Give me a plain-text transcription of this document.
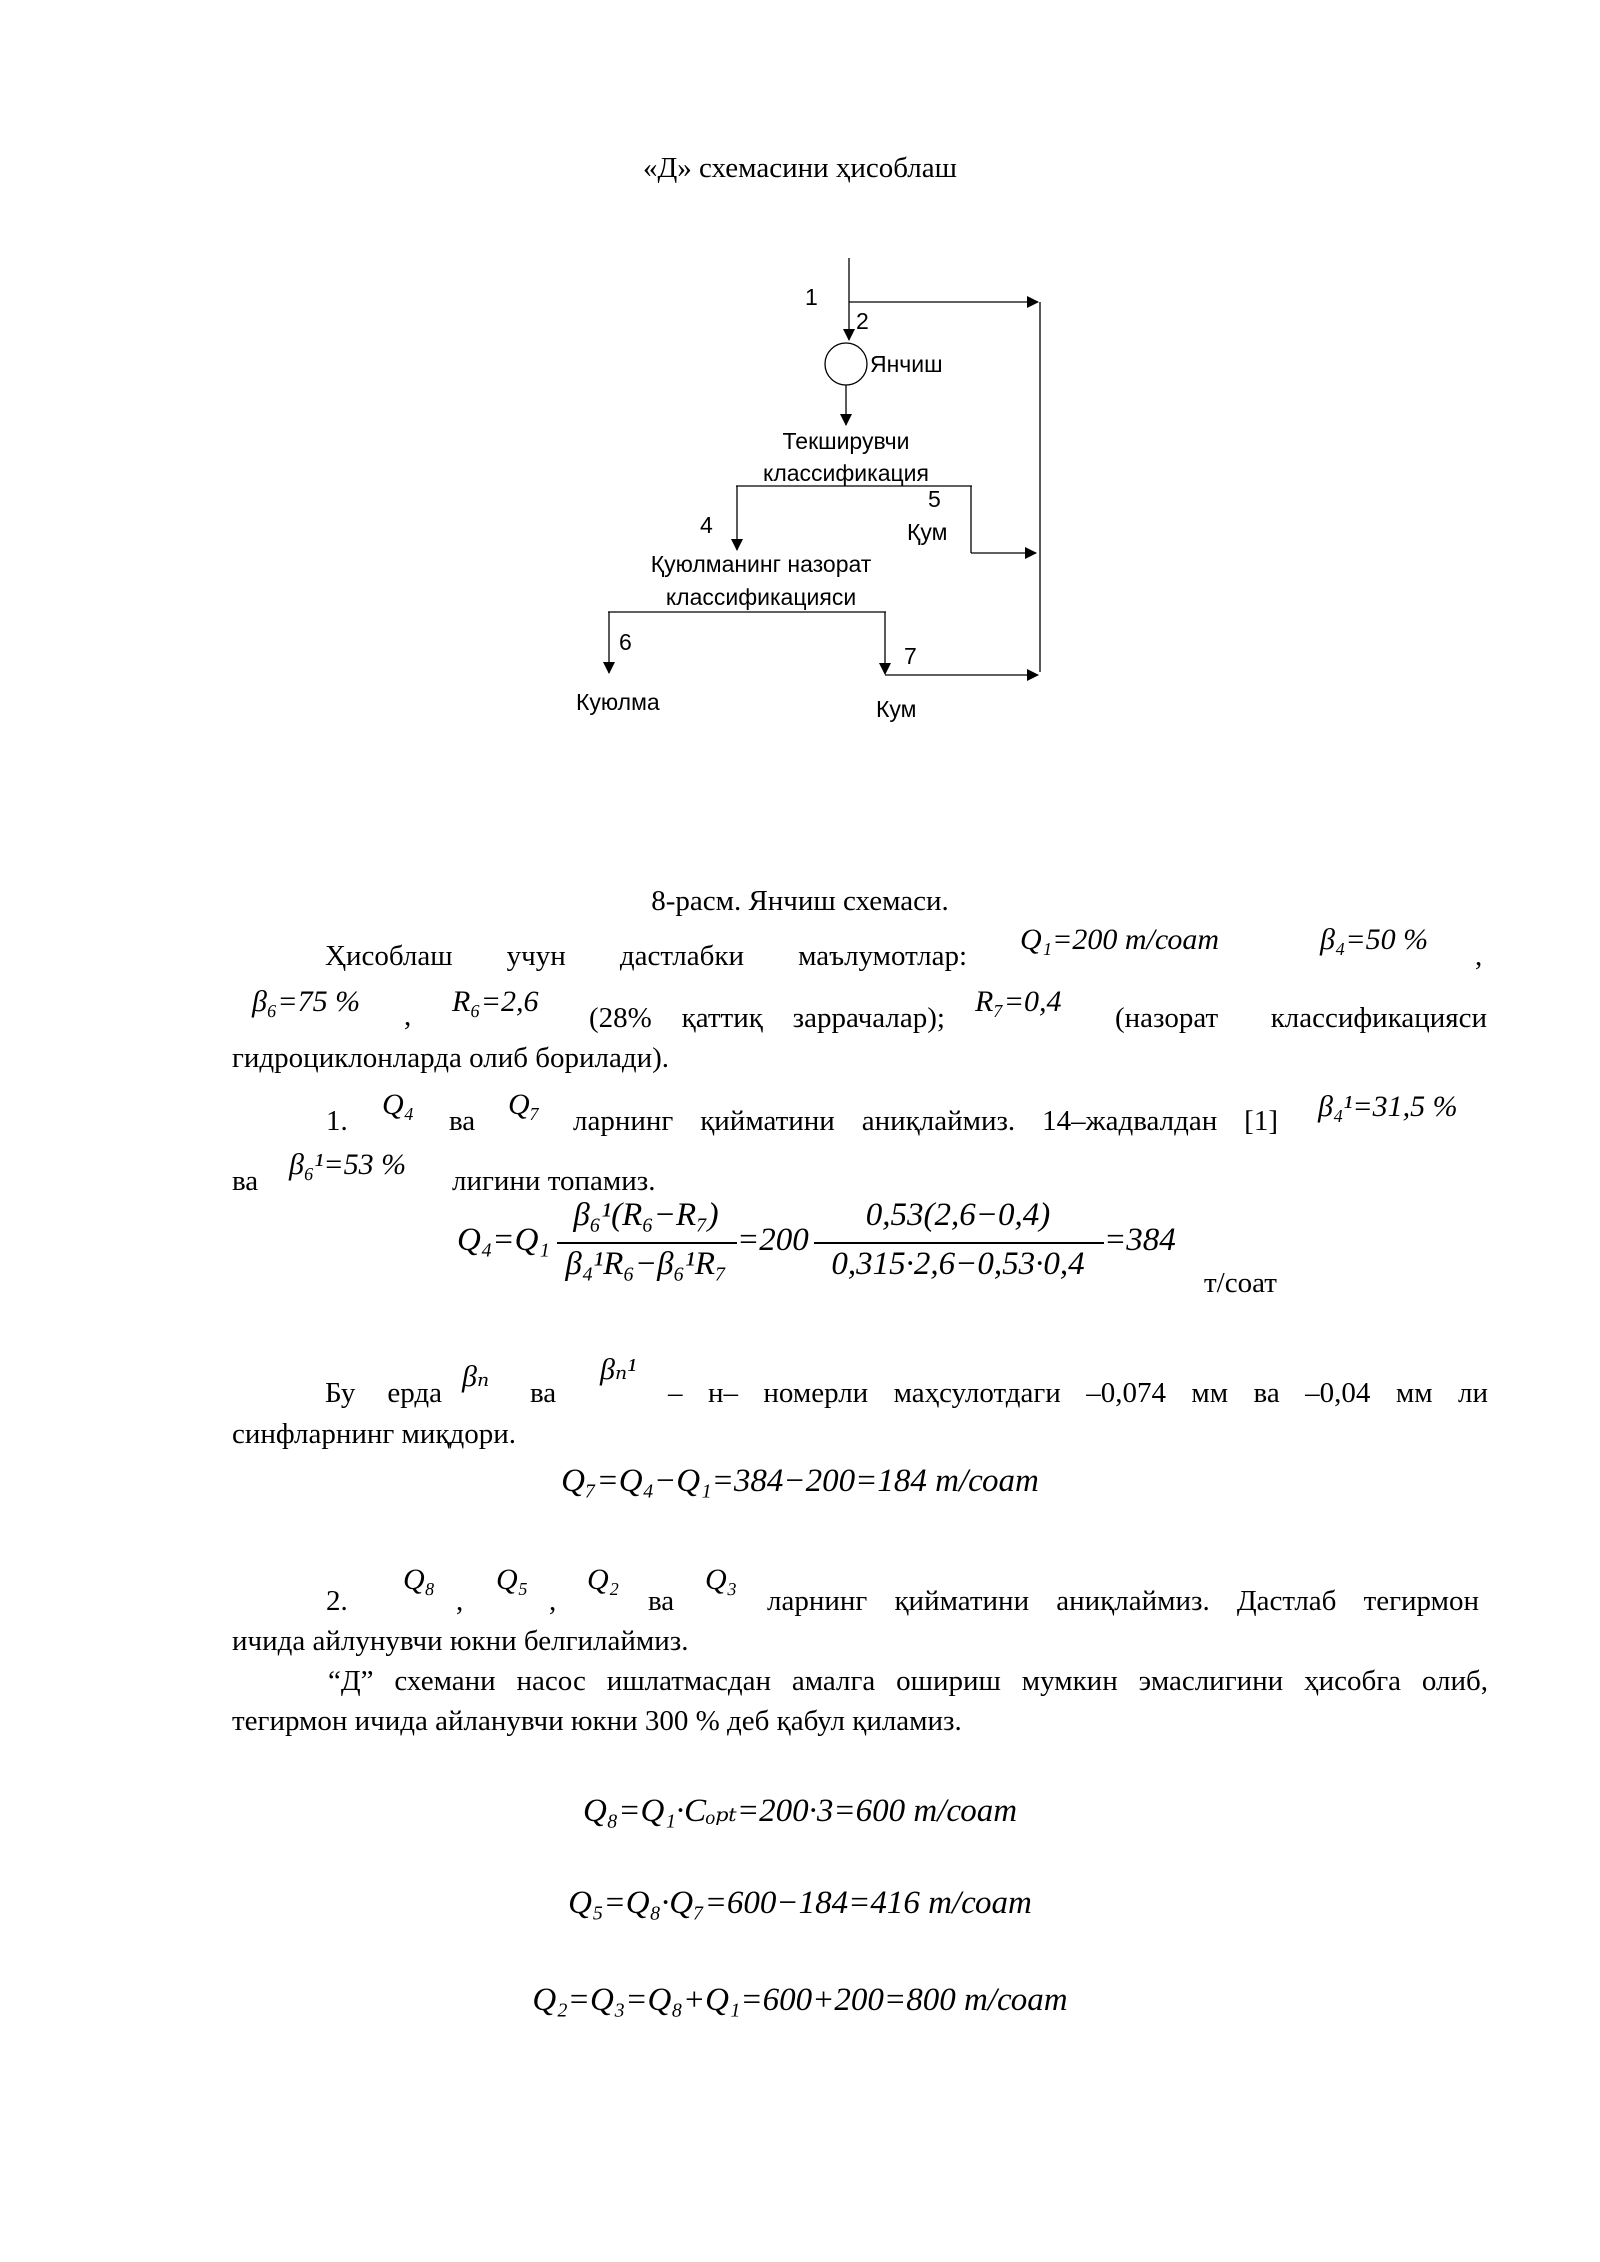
«Д» схемасини ҳисоблаш
1
2
Янчиш
Текширувчи
классификация
5
4	Қум
Қуюлманинг назорат
классификацияси
6
7
Куюлма	Кум
8-расм. Янчиш схемаси.
Ҳисоблаш учун дастлабки маълумотлар: Q₁=200 т/соат	β₄=50 % ,
β₆=75 % , R₆=2,6 (28% қаттиқ заррачалар); R₇=0,4 (назорат классификацияси
гидроциклонларда олиб борилади).
1. Q₄ ва Q₇ ларнинг қийматини аниқлаймиз. 14–жадвалдан [1] β₄¹=31,5 %
ва β₆¹=53 % лигини топамиз.
Q₄=Q₁
β₆¹(R₆−R₇)
β₄¹R₆−β₆¹R₇
=200
0,53(2,6−0,4)
0,315·2,6−0,53·0,4
=384
т/соат
Бу ерда βₙ ва
βₙ¹
– н– номерли маҳсулотдаги –0,074 мм ва –0,04 мм ли
синфларнинг миқдори.
Q₇=Q₄−Q₁=384−200=184 т/соат
2.
Q₈
,
Q₅
,
Q₂
ва
Q₃
ларнинг қийматини аниқлаймиз. Дастлаб тегирмон
ичида айлунувчи юкни белгилаймиз.
“Д” схемани насос ишлатмасдан амалга ошириш мумкин эмаслигини ҳисобга олиб,
тегирмон ичида айланувчи юкни 300 % деб қабул қиламиз.
Q₈=Q₁·Cₒₚₜ=200·3=600 т/соат
Q₅=Q₈·Q₇=600−184=416 т/соат
Q₂=Q₃=Q₈+Q₁=600+200=800 т/соат
